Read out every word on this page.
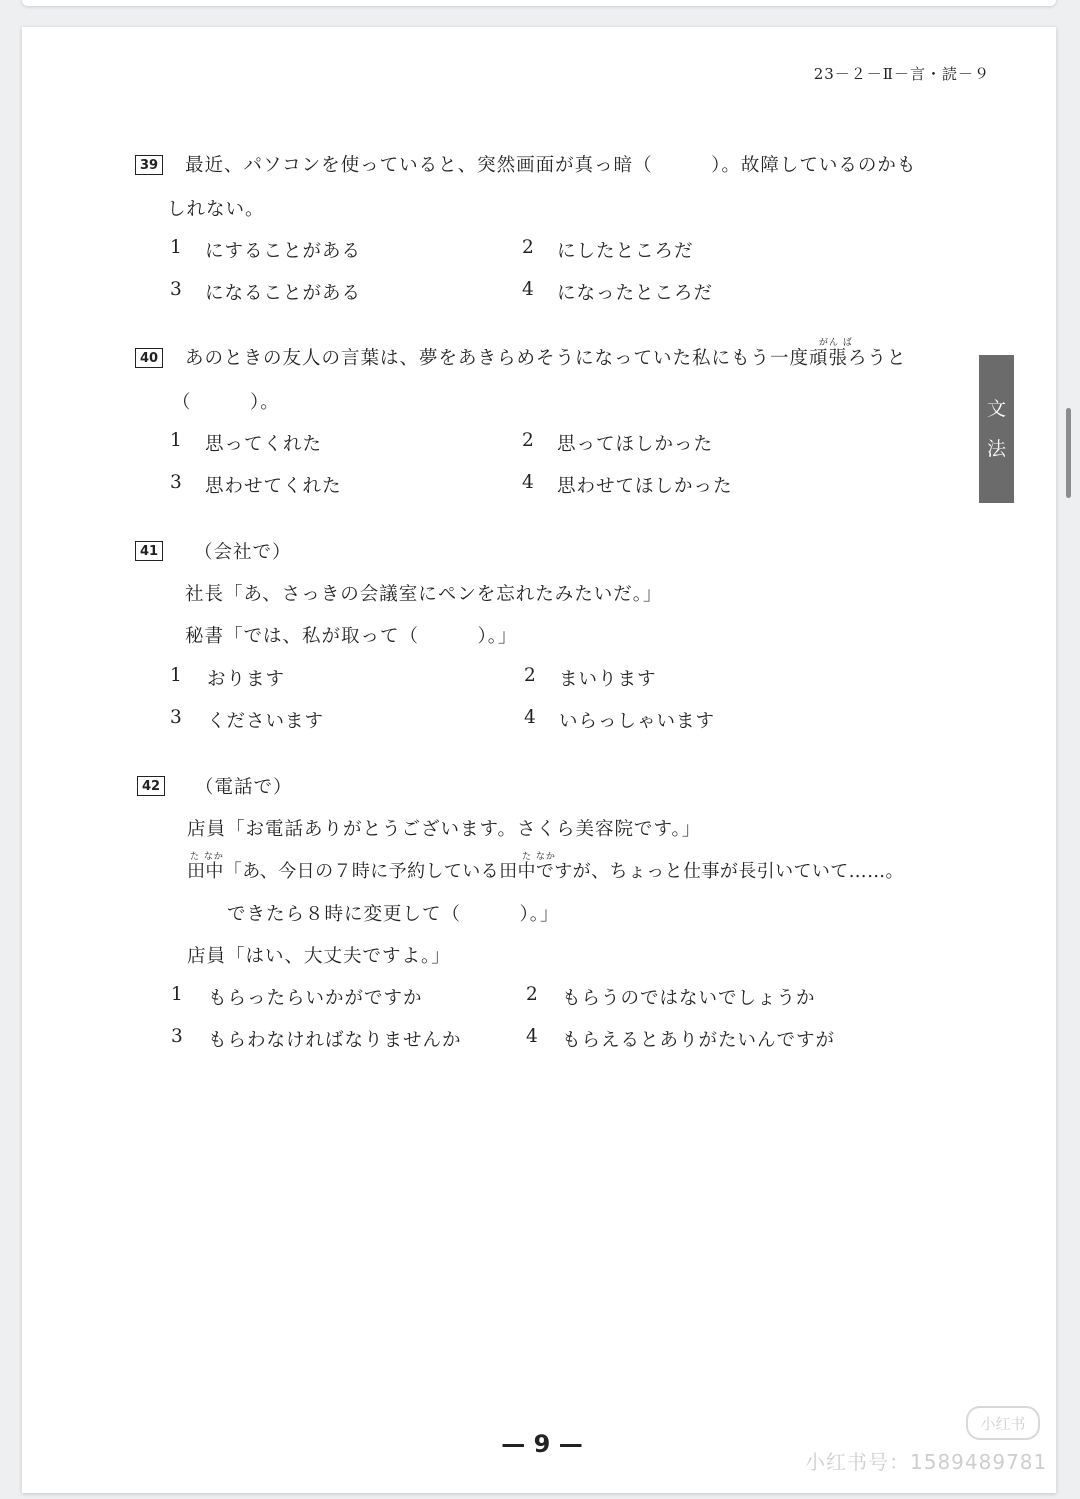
23－２－Ⅱ－言・読－９
文
法
39 最近、パソコンを使っていると、突然画面が真っ暗（　　　）。故障しているのかも
しれない。
1 にすることがある	2 にしたところだ
3 になることがある	4 になったところだ
がん ば
40 あのときの友人の言葉は、夢をあきらめそうになっていた私にもう一度頑張ろうと
（　　　）。
1 思ってくれた	2 思ってほしかった
3 思わせてくれた	4 思わせてほしかった
41 （会社で）
社長「あ、さっきの会議室にペンを忘れたみたいだ。」
秘書「では、私が取って（　　　）。」
1 おります	2 まいります
3 くださいます	4 いらっしゃいます
42 （電話で）
店員「お電話ありがとうございます。さくら美容院です。」
た なか	た なか
田中「あ、今日の７時に予約している田中ですが、ちょっと仕事が長引いていて……。
できたら８時に変更して（　　　）。」
店員「はい、大丈夫ですよ。」
1 もらったらいかがですか	2 もらうのではないでしょうか
3 もらわなければなりませんか	4 もらえるとありがたいんですが
— 9 —
小红书
小红书号：1589489781
